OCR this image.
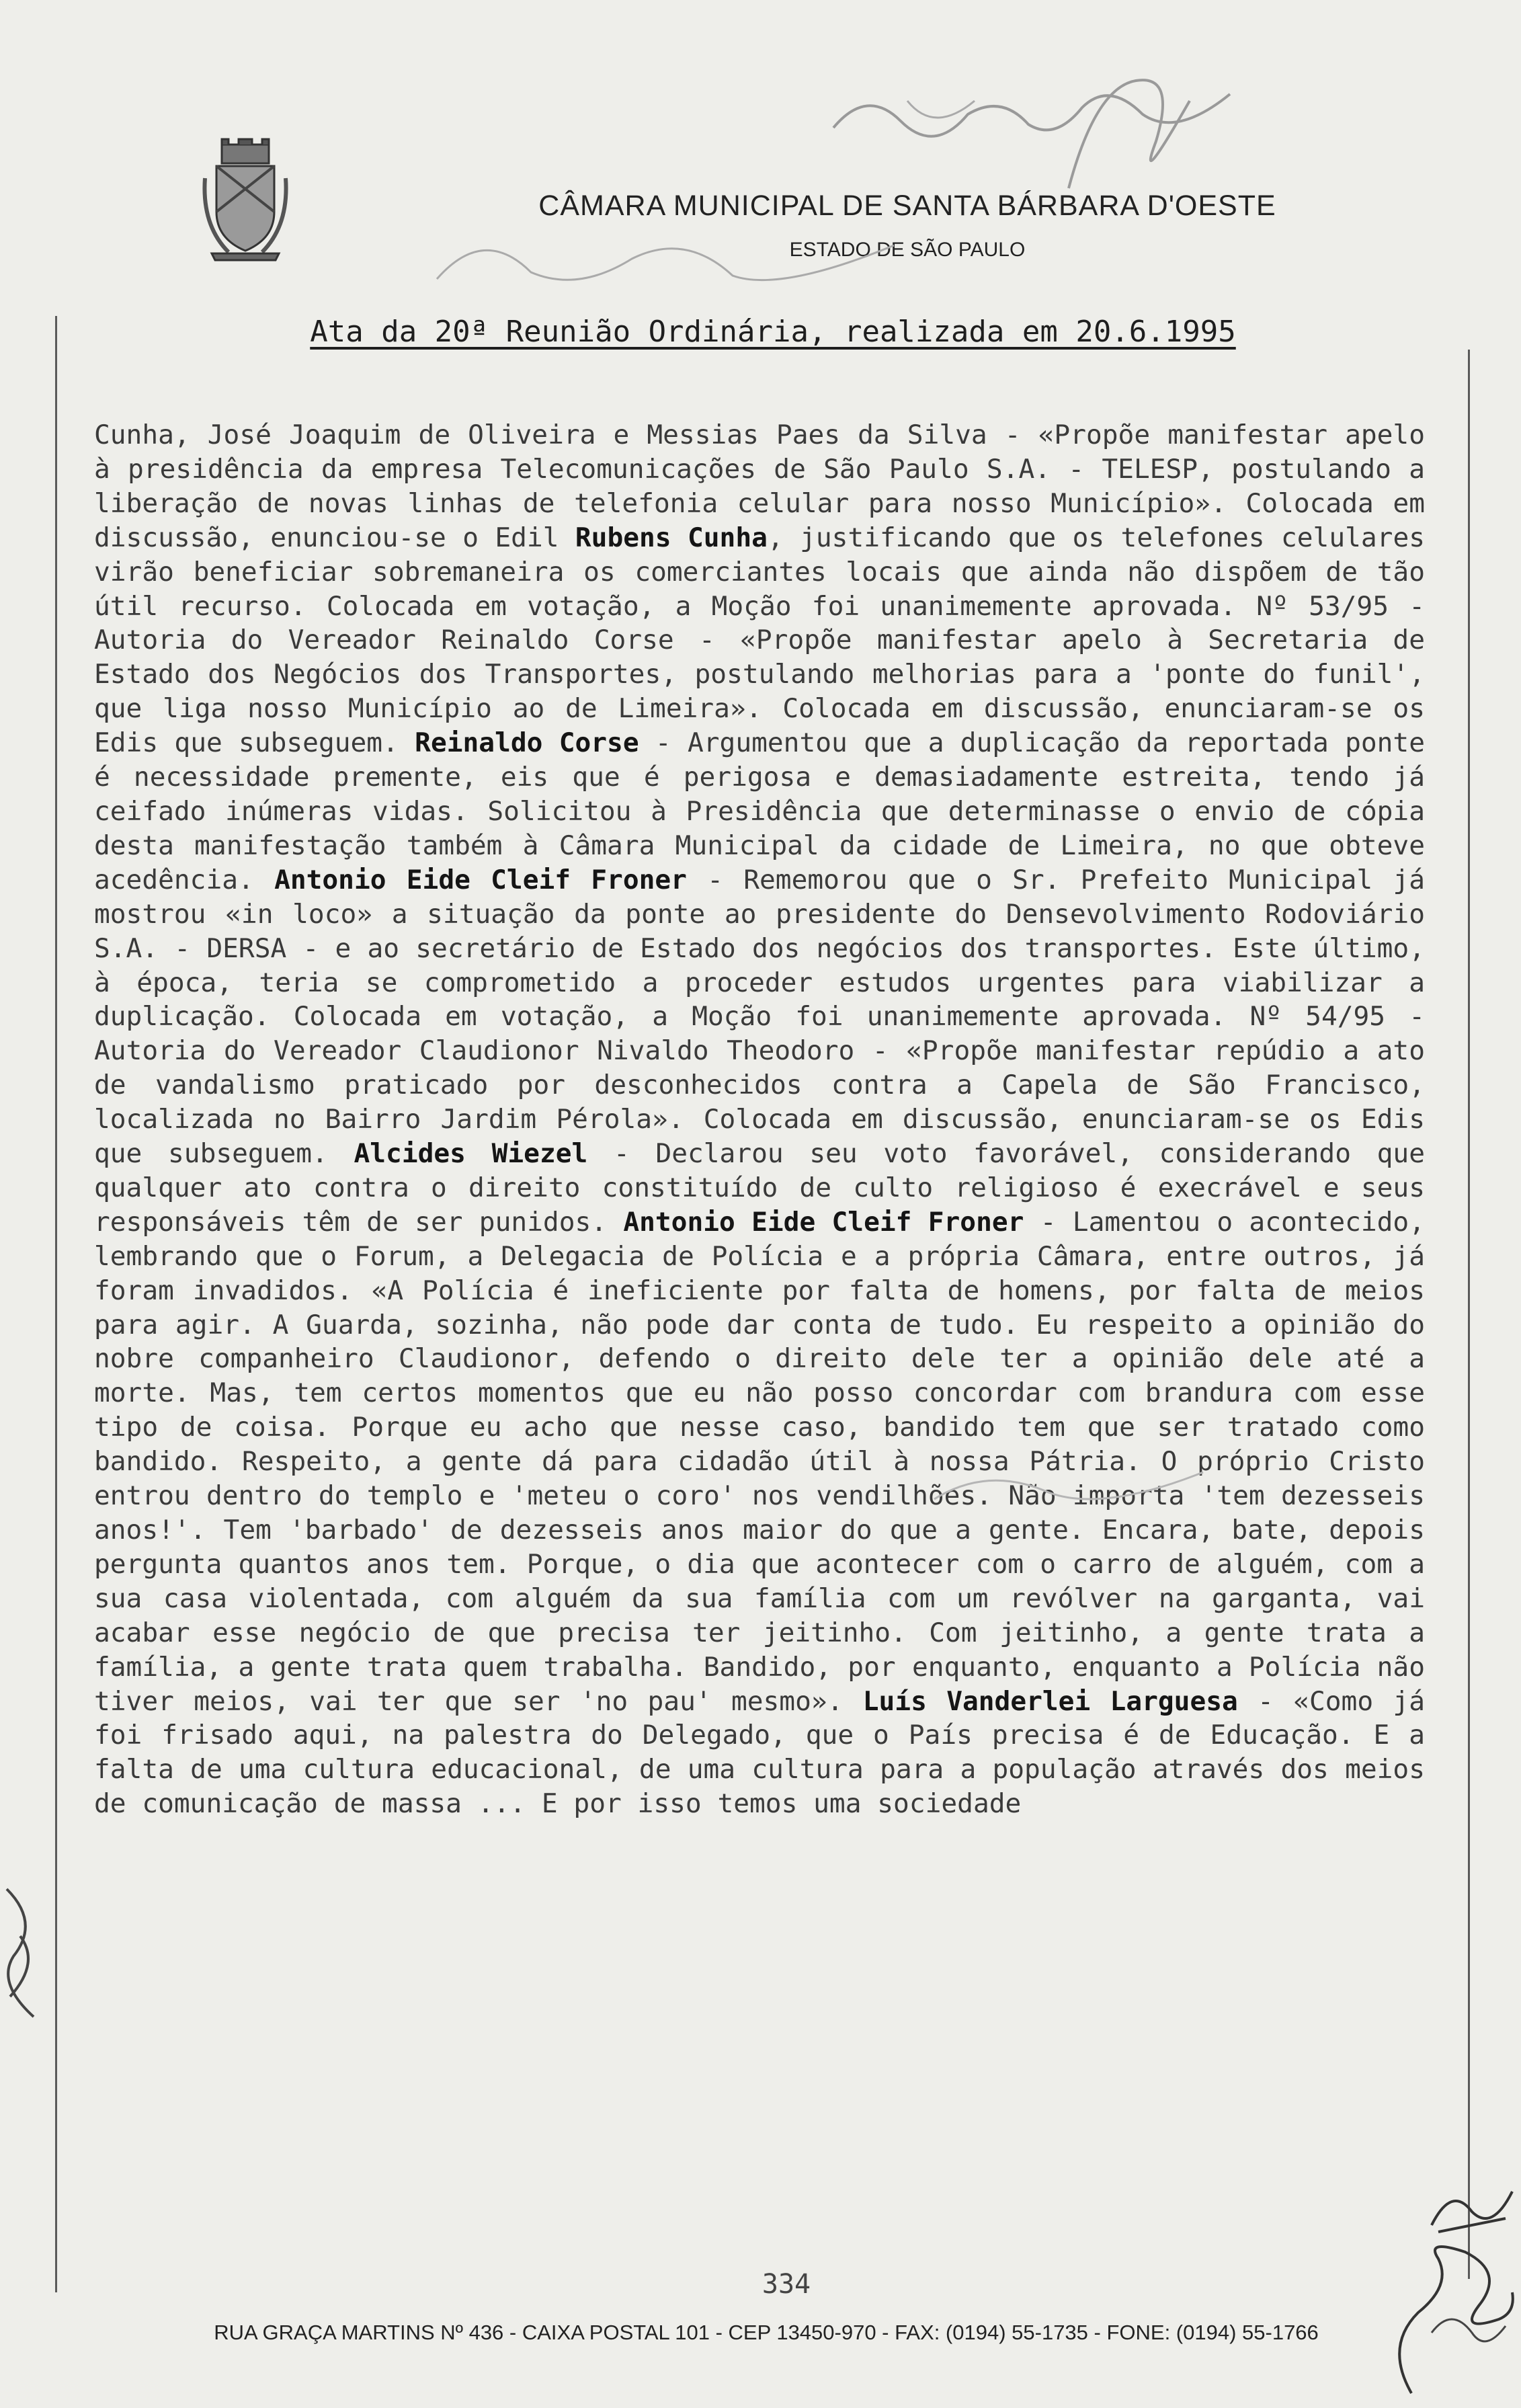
CÂMARA MUNICIPAL DE SANTA BÁRBARA D'OESTE
ESTADO DE SÃO PAULO
Ata da 20ª Reunião Ordinária, realizada em 20.6.1995
Cunha, José Joaquim de Oliveira e Messias Paes da Silva - «Propõe manifestar apelo à presidência da empresa Telecomunicações de São Paulo S.A. - TELESP, postulando a liberação de novas linhas de telefonia celular para nosso Município». Colocada em discussão, enunciou-se o Edil Rubens Cunha, justificando que os telefones celulares virão beneficiar sobremaneira os comerciantes locais que ainda não dispõem de tão útil recurso. Colocada em votação, a Moção foi unanimemente aprovada. Nº 53/95 - Autoria do Vereador Reinaldo Corse - «Propõe manifestar apelo à Secretaria de Estado dos Negócios dos Transportes, postulando melhorias para a 'ponte do funil', que liga nosso Município ao de Limeira». Colocada em discussão, enunciaram-se os Edis que subseguem. Reinaldo Corse - Argumentou que a duplicação da reportada ponte é necessidade premente, eis que é perigosa e demasiadamente estreita, tendo já ceifado inúmeras vidas. Solicitou à Presidência que determinasse o envio de cópia desta manifestação também à Câmara Municipal da cidade de Limeira, no que obteve acedência. Antonio Eide Cleif Froner - Rememorou que o Sr. Prefeito Municipal já mostrou «in loco» a situação da ponte ao presidente do Densevolvimento Rodoviário S.A. - DERSA - e ao secretário de Estado dos negócios dos transportes. Este último, à época, teria se comprometido a proceder estudos urgentes para viabilizar a duplicação. Colocada em votação, a Moção foi unanimemente aprovada. Nº 54/95 - Autoria do Vereador Claudionor Nivaldo Theodoro - «Propõe manifestar repúdio a ato de vandalismo praticado por desconhecidos contra a Capela de São Francisco, localizada no Bairro Jardim Pérola». Colocada em discussão, enunciaram-se os Edis que subseguem. Alcides Wiezel - Declarou seu voto favorável, considerando que qualquer ato contra o direito constituído de culto religioso é execrável e seus responsáveis têm de ser punidos. Antonio Eide Cleif Froner - Lamentou o acontecido, lembrando que o Forum, a Delegacia de Polícia e a própria Câmara, entre outros, já foram invadidos. «A Polícia é ineficiente por falta de homens, por falta de meios para agir. A Guarda, sozinha, não pode dar conta de tudo. Eu respeito a opinião do nobre companheiro Claudionor, defendo o direito dele ter a opinião dele até a morte. Mas, tem certos momentos que eu não posso concordar com brandura com esse tipo de coisa. Porque eu acho que nesse caso, bandido tem que ser tratado como bandido. Respeito, a gente dá para cidadão útil à nossa Pátria. O próprio Cristo entrou dentro do templo e 'meteu o coro' nos vendilhões. Não importa 'tem dezesseis anos!'. Tem 'barbado' de dezesseis anos maior do que a gente. Encara, bate, depois pergunta quantos anos tem. Porque, o dia que acontecer com o carro de alguém, com a sua casa violentada, com alguém da sua família com um revólver na garganta, vai acabar esse negócio de que precisa ter jeitinho. Com jeitinho, a gente trata a família, a gente trata quem trabalha. Bandido, por enquanto, enquanto a Polícia não tiver meios, vai ter que ser 'no pau' mesmo». Luís Vanderlei Larguesa - «Como já foi frisado aqui, na palestra do Delegado, que o País precisa é de Educação. E a falta de uma cultura educacional, de uma cultura para a população através dos meios de comunicação de massa ... E por isso temos uma sociedade
334
RUA GRAÇA MARTINS Nº 436 - CAIXA POSTAL 101 - CEP 13450-970 - FAX: (0194) 55-1735 - FONE: (0194) 55-1766
